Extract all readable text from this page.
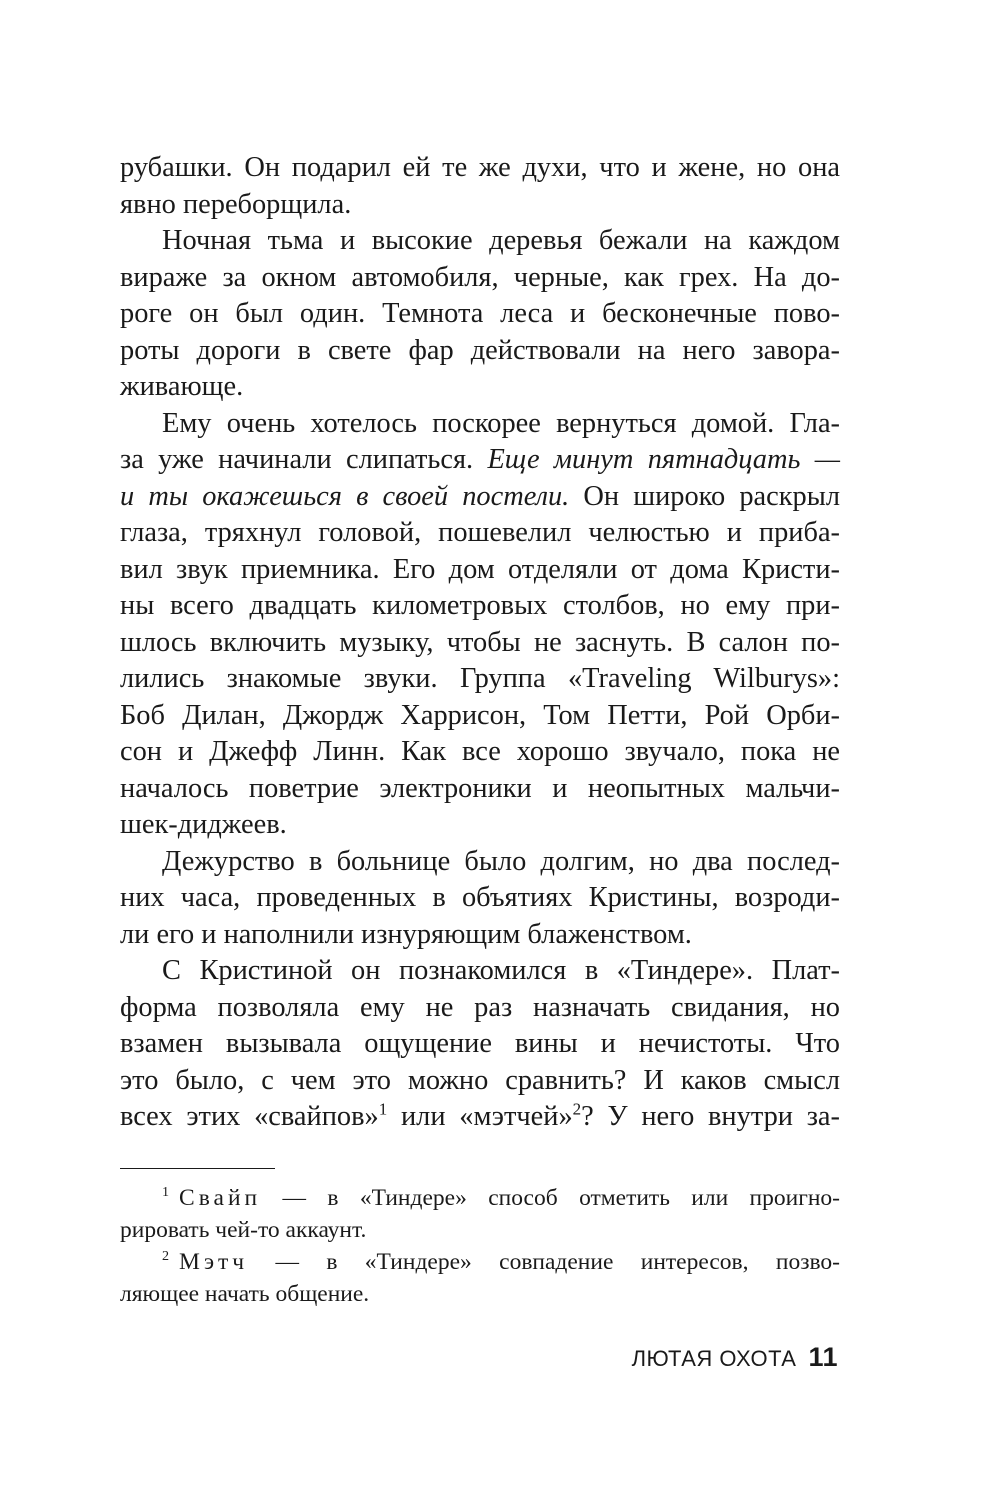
рубашки. Он подарил ей те же духи, что и жене, но она

явно переборщила.

Ночная тьма и высокие деревья бежали на каждом

вираже за окном автомобиля, черные, как грех. На до-

роге он был один. Темнота леса и бесконечные пово-

роты дороги в свете фар действовали на него завора-

живающе.

Ему очень хотелось поскорее вернуться домой. Гла-

за уже начинали слипаться. Еще минут пятнадцать —

и ты окажешься в своей постели. Он широко раскрыл

глаза, тряхнул головой, пошевелил челюстью и приба-

вил звук приемника. Его дом отделяли от дома Кристи-

ны всего двадцать километровых столбов, но ему при-

шлось включить музыку, чтобы не заснуть. В салон по-

лились знакомые звуки. Группа «Traveling Wilburys»:

Боб Дилан, Джордж Харрисон, Том Петти, Рой Орби-

сон и Джефф Линн. Как все хорошо звучало, пока не

началось поветрие электроники и неопытных мальчи-

шек-диджеев.

Дежурство в больнице было долгим, но два послед-

них часа, проведенных в объятиях Кристины, возроди-

ли его и наполнили изнуряющим блаженством.

С Кристиной он познакомился в «Тиндере». Плат-

форма позволяла ему не раз назначать свидания, но

взамен вызывала ощущение вины и нечистоты. Что

это было, с чем это можно сравнить? И каков смысл

всех этих «свайпов»$^1$ или «мэтчей»$^2$? У него внутри за-

$^1$ Свайп — в «Тиндере» способ отметить или проигно-

рировать чей-то аккаунт.

$^2$ Мэтч — в «Тиндере» совпадение интересов, позво-

ляющее начать общение.

ЛЮТАЯ ОХОТА 11
